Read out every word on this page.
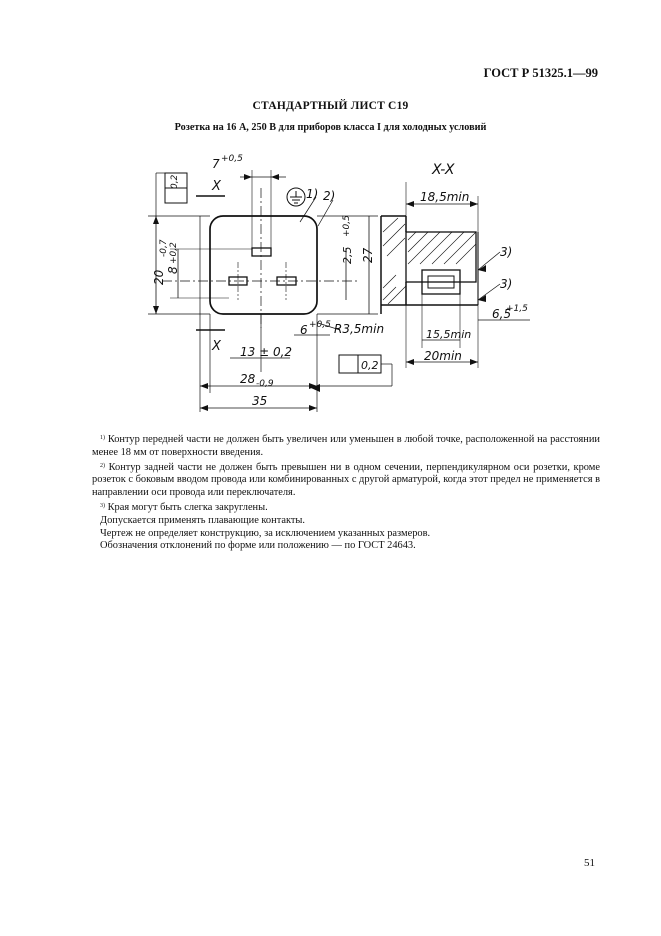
ГОСТ Р 51325.1—99
СТАНДАРТНЫЙ ЛИСТ С19
Розетка на 16 А, 250 В для приборов класса I для холодных условий
7 +0,5
X
X
1) 2)
0,2
20
-0,7
8
+0,2	2,5
+0,5
27
6 +0,5 R3,5min
13 ± 0,2
28 -0,9
35
0,2
X-X
18,5min
15,5min
20min
6,5
+1,5
3)
3)

$^{1)}$ Контур передней части не должен быть увеличен или уменьшен в любой точке, расположенной на расстоянии менее 18 мм от поверхности введения.

$^{2)}$ Контур задней части не должен быть превышен ни в одном сечении, перпендикулярном оси розетки, кроме розеток с боковым вводом провода или комбинированных с другой арматурой, когда этот предел не применяется в направлении оси провода или переключателя.

$^{3)}$ Края могут быть слегка закруглены.

Допускается применять плавающие контакты.

Чертеж не определяет конструкцию, за исключением указанных размеров.

Обозначения отклонений по форме или положению — по ГОСТ 24643.

51
